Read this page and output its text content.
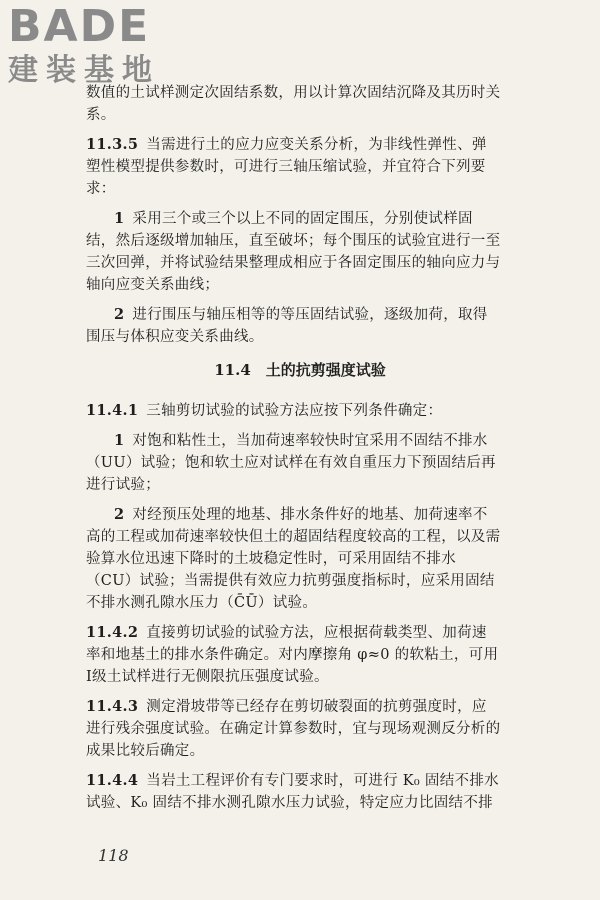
BADE
建装基地
数值的土试样测定次固结系数，用以计算次固结沉降及其历时关
系。
11.3.5 当需进行土的应力应变关系分析，为非线性弹性、弹
塑性模型提供参数时，可进行三轴压缩试验，并宜符合下列要
求：
1 采用三个或三个以上不同的固定围压，分别使试样固
结，然后逐级增加轴压，直至破坏；每个围压的试验宜进行一至
三次回弹，并将试验结果整理成相应于各固定围压的轴向应力与
轴向应变关系曲线；
2 进行围压与轴压相等的等压固结试验，逐级加荷，取得
围压与体积应变关系曲线。
11.4　土的抗剪强度试验
11.4.1 三轴剪切试验的试验方法应按下列条件确定：
1 对饱和粘性土，当加荷速率较快时宜采用不固结不排水
（UU）试验；饱和软土应对试样在有效自重压力下预固结后再
进行试验；
2 对经预压处理的地基、排水条件好的地基、加荷速率不
高的工程或加荷速率较快但土的超固结程度较高的工程，以及需
验算水位迅速下降时的土坡稳定性时，可采用固结不排水
（CU）试验；当需提供有效应力抗剪强度指标时，应采用固结
不排水测孔隙水压力（C̄Ū）试验。
11.4.2 直接剪切试验的试验方法，应根据荷载类型、加荷速
率和地基土的排水条件确定。对内摩擦角 φ≈0 的软粘土，可用
Ⅰ级土试样进行无侧限抗压强度试验。
11.4.3 测定滑坡带等已经存在剪切破裂面的抗剪强度时，应
进行残余强度试验。在确定计算参数时，宜与现场观测反分析的
成果比较后确定。
11.4.4 当岩土工程评价有专门要求时，可进行 K₀ 固结不排水
试验、K₀ 固结不排水测孔隙水压力试验，特定应力比固结不排
118
